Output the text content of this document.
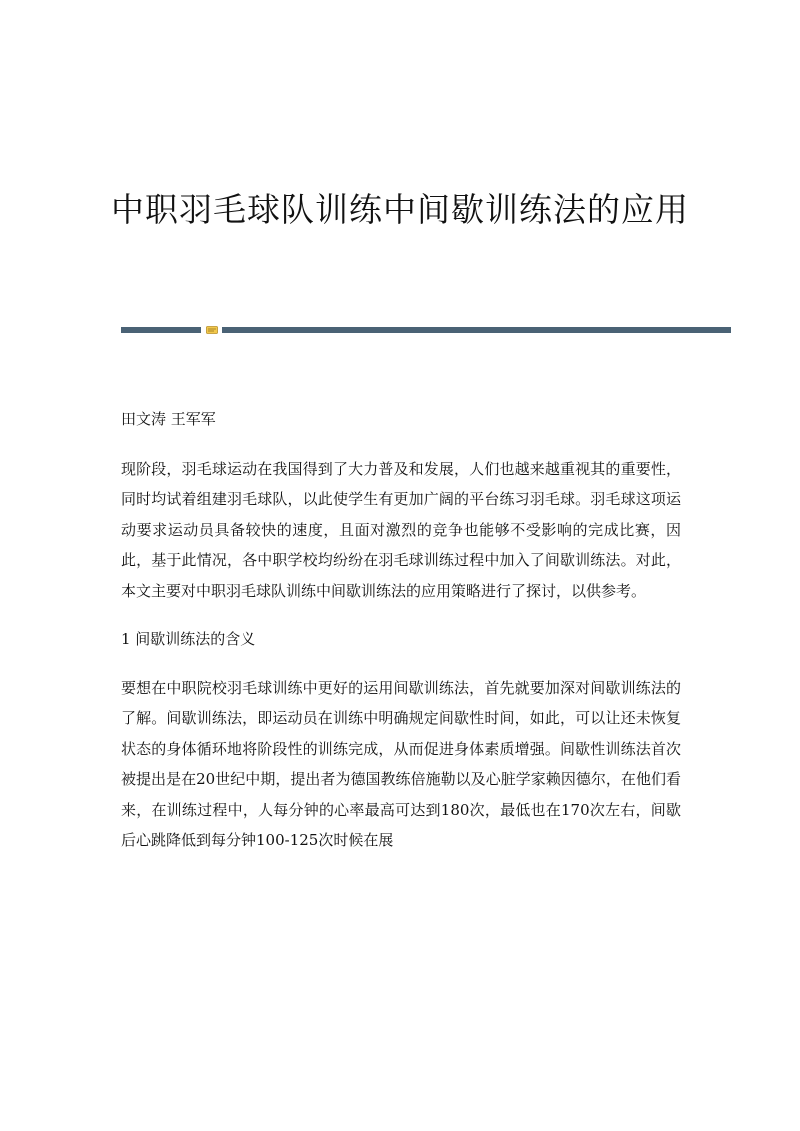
中职羽毛球队训练中间歇训练法的应用

田文涛 王军军

现阶段，羽毛球运动在我国得到了大力普及和发展，人们也越来越重视其的重要性，同时均试着组建羽毛球队，以此使学生有更加广阔的平台练习羽毛球。羽毛球这项运动要求运动员具备较快的速度，且面对激烈的竞争也能够不受影响的完成比赛，因此，基于此情况，各中职学校均纷纷在羽毛球训练过程中加入了间歇训练法。对此，本文主要对中职羽毛球队训练中间歇训练法的应用策略进行了探讨，以供参考。

1 间歇训练法的含义

要想在中职院校羽毛球训练中更好的运用间歇训练法，首先就要加深对间歇训练法的了解。间歇训练法，即运动员在训练中明确规定间歇性时间，如此，可以让还未恢复状态的身体循环地将阶段性的训练完成，从而促进身体素质增强。间歇性训练法首次被提出是在20世纪中期，提出者为德国教练倍施勒以及心脏学家赖因德尔，在他们看来，在训练过程中，人每分钟的心率最高可达到180次，最低也在170次左右，间歇后心跳降低到每分钟100-125次时候在展
